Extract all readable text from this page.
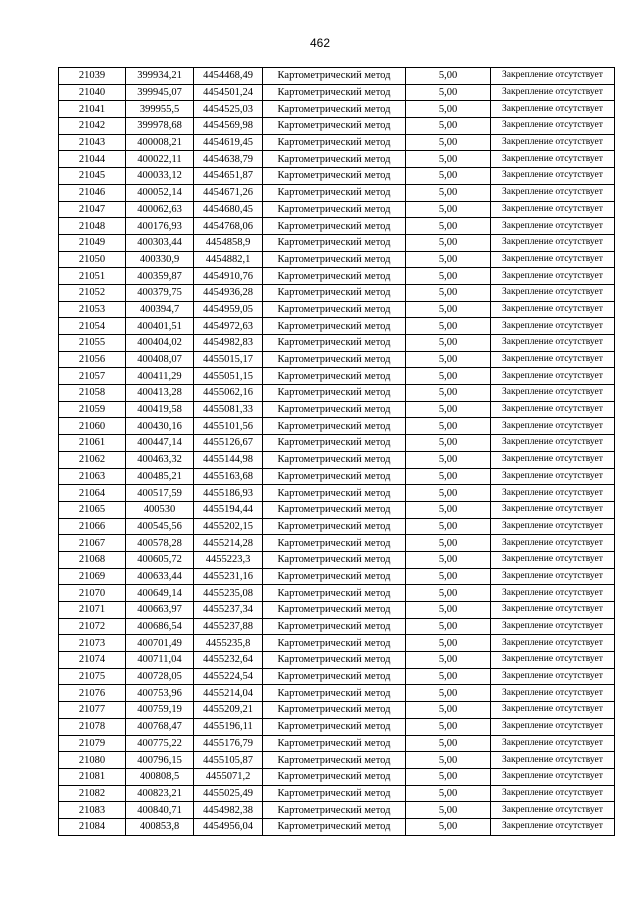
462
21039	399934,21	4454468,49	Картометрический метод	5,00	Закрепление отсутствует
21040	399945,07	4454501,24	Картометрический метод	5,00	Закрепление отсутствует
21041	399955,5	4454525,03	Картометрический метод	5,00	Закрепление отсутствует
21042	399978,68	4454569,98	Картометрический метод	5,00	Закрепление отсутствует
21043	400008,21	4454619,45	Картометрический метод	5,00	Закрепление отсутствует
21044	400022,11	4454638,79	Картометрический метод	5,00	Закрепление отсутствует
21045	400033,12	4454651,87	Картометрический метод	5,00	Закрепление отсутствует
21046	400052,14	4454671,26	Картометрический метод	5,00	Закрепление отсутствует
21047	400062,63	4454680,45	Картометрический метод	5,00	Закрепление отсутствует
21048	400176,93	4454768,06	Картометрический метод	5,00	Закрепление отсутствует
21049	400303,44	4454858,9	Картометрический метод	5,00	Закрепление отсутствует
21050	400330,9	4454882,1	Картометрический метод	5,00	Закрепление отсутствует
21051	400359,87	4454910,76	Картометрический метод	5,00	Закрепление отсутствует
21052	400379,75	4454936,28	Картометрический метод	5,00	Закрепление отсутствует
21053	400394,7	4454959,05	Картометрический метод	5,00	Закрепление отсутствует
21054	400401,51	4454972,63	Картометрический метод	5,00	Закрепление отсутствует
21055	400404,02	4454982,83	Картометрический метод	5,00	Закрепление отсутствует
21056	400408,07	4455015,17	Картометрический метод	5,00	Закрепление отсутствует
21057	400411,29	4455051,15	Картометрический метод	5,00	Закрепление отсутствует
21058	400413,28	4455062,16	Картометрический метод	5,00	Закрепление отсутствует
21059	400419,58	4455081,33	Картометрический метод	5,00	Закрепление отсутствует
21060	400430,16	4455101,56	Картометрический метод	5,00	Закрепление отсутствует
21061	400447,14	4455126,67	Картометрический метод	5,00	Закрепление отсутствует
21062	400463,32	4455144,98	Картометрический метод	5,00	Закрепление отсутствует
21063	400485,21	4455163,68	Картометрический метод	5,00	Закрепление отсутствует
21064	400517,59	4455186,93	Картометрический метод	5,00	Закрепление отсутствует
21065	400530	4455194,44	Картометрический метод	5,00	Закрепление отсутствует
21066	400545,56	4455202,15	Картометрический метод	5,00	Закрепление отсутствует
21067	400578,28	4455214,28	Картометрический метод	5,00	Закрепление отсутствует
21068	400605,72	4455223,3	Картометрический метод	5,00	Закрепление отсутствует
21069	400633,44	4455231,16	Картометрический метод	5,00	Закрепление отсутствует
21070	400649,14	4455235,08	Картометрический метод	5,00	Закрепление отсутствует
21071	400663,97	4455237,34	Картометрический метод	5,00	Закрепление отсутствует
21072	400686,54	4455237,88	Картометрический метод	5,00	Закрепление отсутствует
21073	400701,49	4455235,8	Картометрический метод	5,00	Закрепление отсутствует
21074	400711,04	4455232,64	Картометрический метод	5,00	Закрепление отсутствует
21075	400728,05	4455224,54	Картометрический метод	5,00	Закрепление отсутствует
21076	400753,96	4455214,04	Картометрический метод	5,00	Закрепление отсутствует
21077	400759,19	4455209,21	Картометрический метод	5,00	Закрепление отсутствует
21078	400768,47	4455196,11	Картометрический метод	5,00	Закрепление отсутствует
21079	400775,22	4455176,79	Картометрический метод	5,00	Закрепление отсутствует
21080	400796,15	4455105,87	Картометрический метод	5,00	Закрепление отсутствует
21081	400808,5	4455071,2	Картометрический метод	5,00	Закрепление отсутствует
21082	400823,21	4455025,49	Картометрический метод	5,00	Закрепление отсутствует
21083	400840,71	4454982,38	Картометрический метод	5,00	Закрепление отсутствует
21084	400853,8	4454956,04	Картометрический метод	5,00	Закрепление отсутствует
